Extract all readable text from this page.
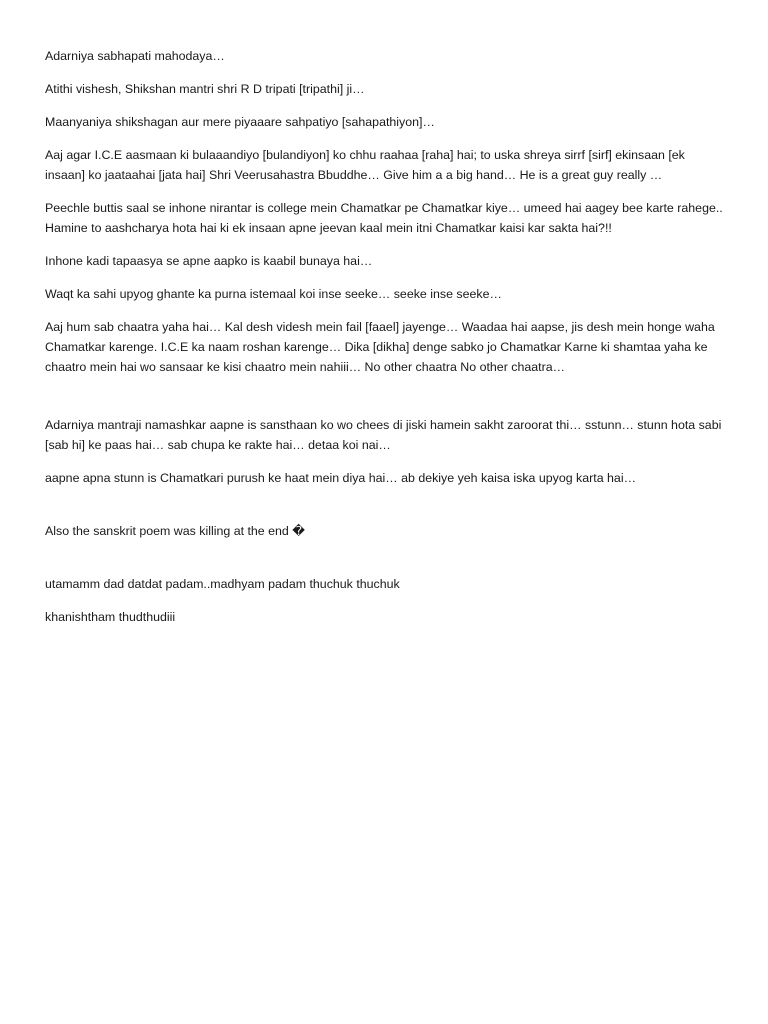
Adarniya sabhapati mahodaya…

Atithi vishesh, Shikshan mantri shri R D tripati [tripathi] ji…

Maanyaniya shikshagan aur mere piyaaare sahpatiyo [sahapathiyon]…

Aaj agar I.C.E aasmaan ki bulaaandiyo [bulandiyon] ko chhu raahaa [raha] hai; to uska shreya sirrf [sirf] ekinsaan [ek insaan] ko jaataahai [jata hai] Shri Veerusahastra Bbuddhe… Give him a a big hand… He is a great guy really …

Peechle buttis saal se inhone nirantar is college mein Chamatkar pe Chamatkar kiye… umeed hai aagey bee karte rahege.. Hamine to aashcharya hota hai ki ek insaan apne jeevan kaal mein itni Chamatkar kaisi kar sakta hai?!!

Inhone kadi tapaasya se apne aapko is kaabil bunaya hai…

Waqt ka sahi upyog ghante ka purna istemaal koi inse seeke… seeke inse seeke…

Aaj hum sab chaatra yaha hai… Kal desh videsh mein fail [faael] jayenge… Waadaa hai aapse, jis desh mein honge waha Chamatkar karenge. I.C.E ka naam roshan karenge… Dika [dikha] denge sabko jo Chamatkar Karne ki shamtaa yaha ke chaatro mein hai wo sansaar ke kisi chaatro mein nahiii… No other chaatra No other chaatra…

Adarniya mantraji namashkar aapne is sansthaan ko wo chees di jiski hamein sakht zaroorat thi… sstunn… stunn hota sabi [sab hi] ke paas hai… sab chupa ke rakte hai… detaa koi nai…

aapne apna stunn is Chamatkari purush ke haat mein diya hai… ab dekiye yeh kaisa iska upyog karta hai…

Also the sanskrit poem was killing at the end �

utamamm dad datdat padam..madhyam padam thuchuk thuchuk

khanishtham thudthudiii
